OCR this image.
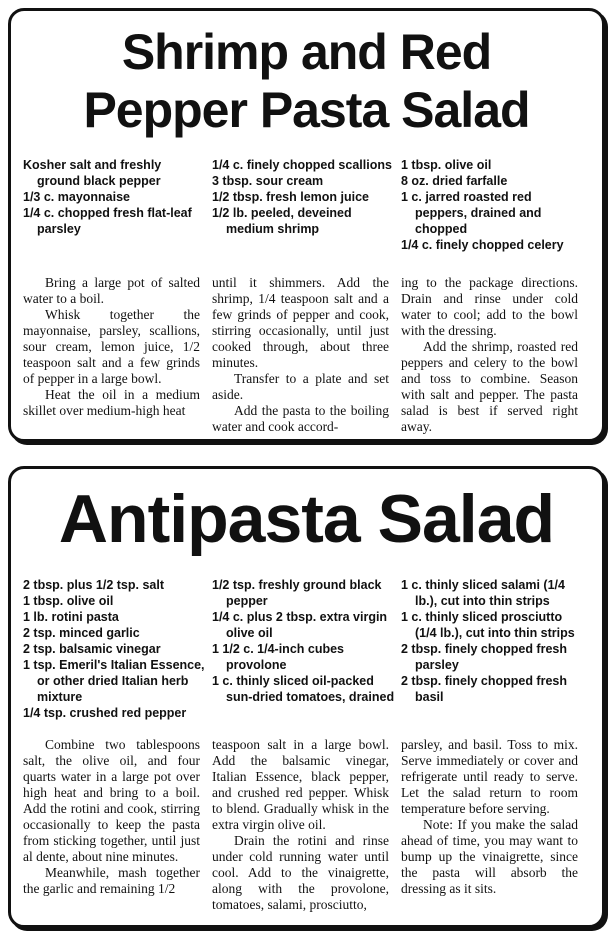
Shrimp and Red
Pepper Pasta Salad

Kosher salt and freshly ground black pepper

1/3 c. mayonnaise

1/4 c. chopped fresh flat-leaf parsley

1/4 c. finely chopped scallions

3 tbsp. sour cream

1/2 tbsp. fresh lemon juice

1/2 lb. peeled, deveined medium shrimp

1 tbsp. olive oil

8 oz. dried farfalle

1 c. jarred roasted red peppers, drained and chopped

1/4 c. finely chopped celery

Bring a large pot of salted water to a boil.

Whisk together the mayonnaise, parsley, scallions, sour cream, lemon juice, 1/2 teaspoon salt and a few grinds of pepper in a large bowl.

Heat the oil in a medium skillet over medium-high heat

until it shimmers. Add the shrimp, 1/4 teaspoon salt and a few grinds of pepper and cook, stirring occasionally, until just cooked through, about three minutes.

Transfer to a plate and set aside.

Add the pasta to the boiling water and cook accord-

ing to the package directions. Drain and rinse under cold water to cool; add to the bowl with the dressing.

Add the shrimp, roasted red peppers and celery to the bowl and toss to combine. Season with salt and pepper. The pasta salad is best if served right away.

Antipasta Salad

2 tbsp. plus 1/2 tsp. salt

1 tbsp. olive oil

1 lb. rotini pasta

2 tsp. minced garlic

2 tsp. balsamic vinegar

1 tsp. Emeril's Italian Essence, or other dried Italian herb mixture

1/4 tsp. crushed red pepper

1/2 tsp. freshly ground black pepper

1/4 c. plus 2 tbsp. extra virgin olive oil

1 1/2 c. 1/4-inch cubes provolone

1 c. thinly sliced oil-packed sun-dried tomatoes, drained

1 c. thinly sliced salami (1/4 lb.), cut into thin strips

1 c. thinly sliced prosciutto (1/4 lb.), cut into thin strips

2 tbsp. finely chopped fresh parsley

2 tbsp. finely chopped fresh basil

Combine two tablespoons salt, the olive oil, and four quarts water in a large pot over high heat and bring to a boil. Add the rotini and cook, stirring occasionally to keep the pasta from sticking together, until just al dente, about nine minutes.

Meanwhile, mash together the garlic and remaining 1/2

teaspoon salt in a large bowl. Add the balsamic vinegar, Italian Essence, black pepper, and crushed red pepper. Whisk to blend. Gradually whisk in the extra virgin olive oil.

Drain the rotini and rinse under cold running water until cool. Add to the vinaigrette, along with the provolone, tomatoes, salami, prosciutto,

parsley, and basil. Toss to mix. Serve immediately or cover and refrigerate until ready to serve. Let the salad return to room temperature before serving.

Note: If you make the salad ahead of time, you may want to bump up the vinaigrette, since the pasta will absorb the dressing as it sits.
